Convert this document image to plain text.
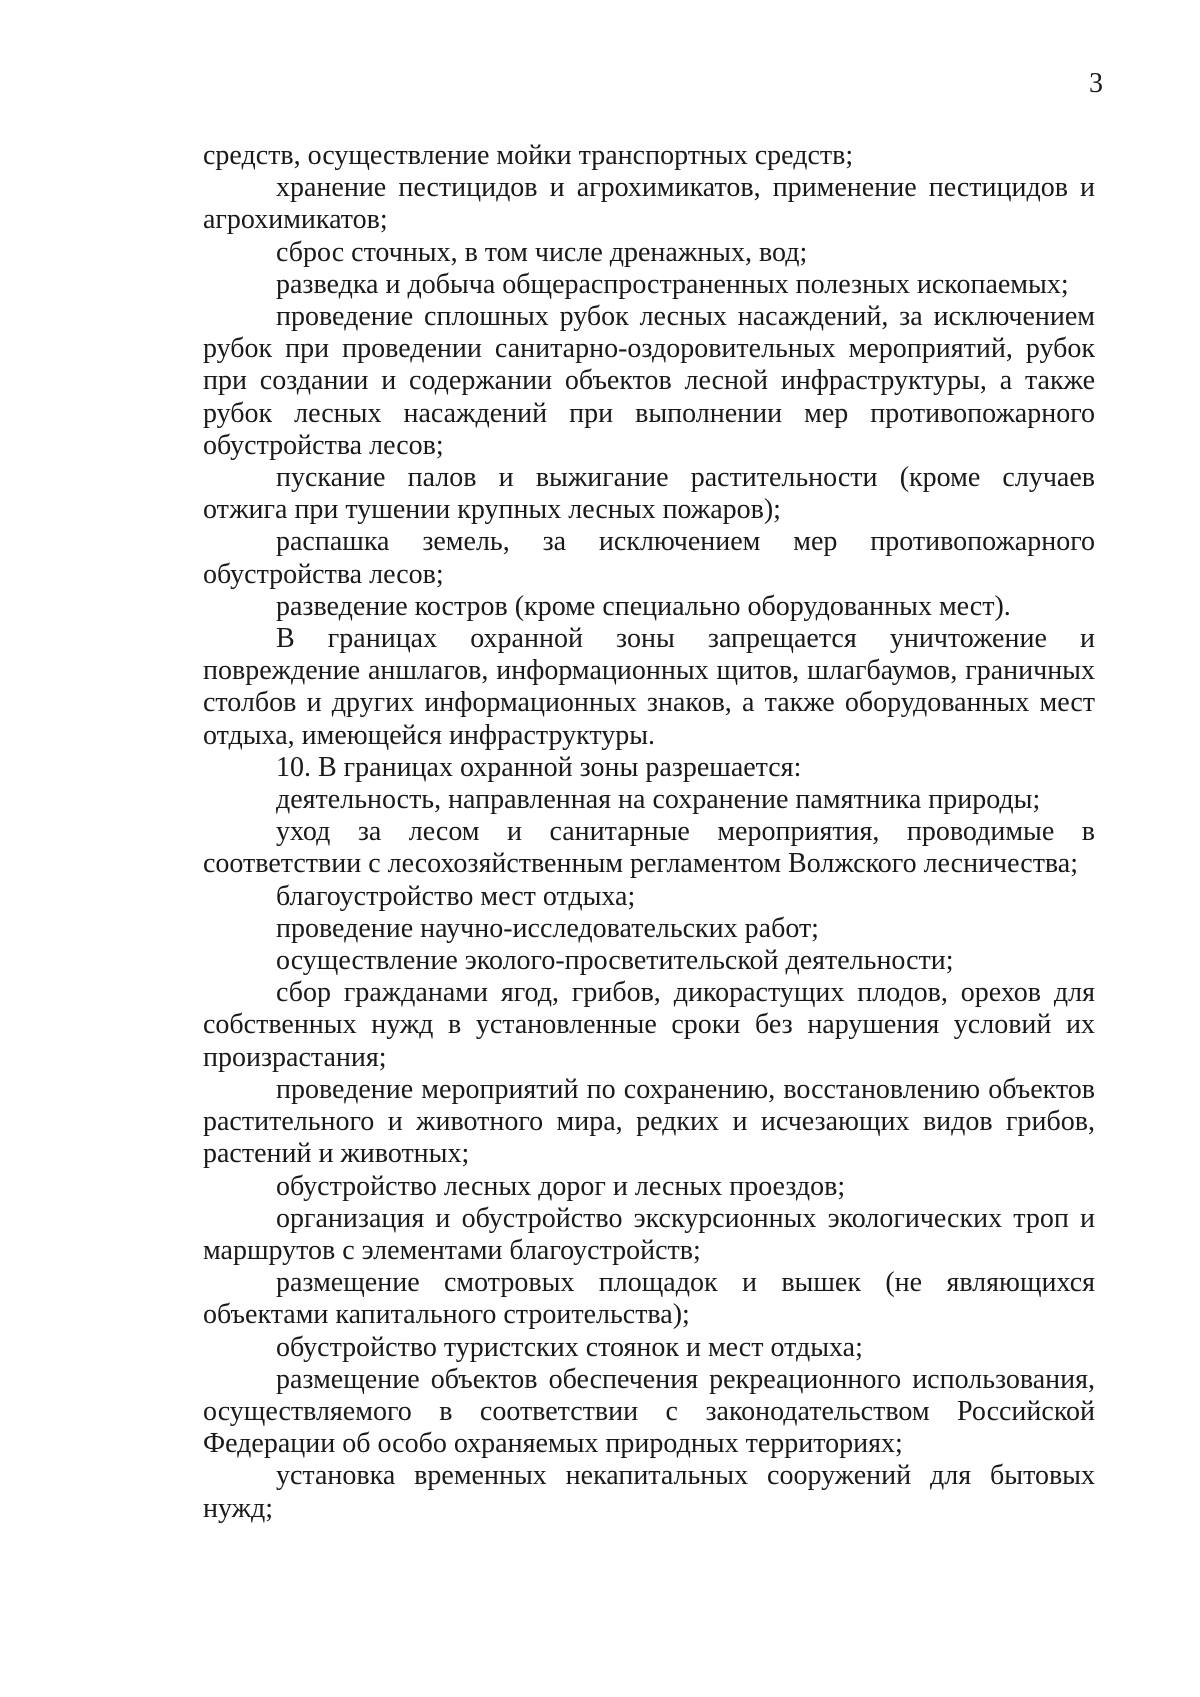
3

средств, осуществление мойки транспортных средств;

хранение пестицидов и агрохимикатов, применение пестицидов и агрохимикатов;

сброс сточных, в том числе дренажных, вод;

разведка и добыча общераспространенных полезных ископаемых;

проведение сплошных рубок лесных насаждений, за исключением рубок при проведении санитарно-оздоровительных мероприятий, рубок при создании и содержании объектов лесной инфраструктуры, а также рубок лесных насаждений при выполнении мер противопожарного обустройства лесов;

пускание палов и выжигание растительности (кроме случаев отжига при тушении крупных лесных пожаров);

распашка земель, за исключением мер противопожарного обустройства лесов;

разведение костров (кроме специально оборудованных мест).

В границах охранной зоны запрещается уничтожение и повреждение аншлагов, информационных щитов, шлагбаумов, граничных столбов и других информационных знаков, а также оборудованных мест отдыха, имеющейся инфраструктуры.

10. В границах охранной зоны разрешается:

деятельность, направленная на сохранение памятника природы;

уход за лесом и санитарные мероприятия, проводимые в соответствии с лесохозяйственным регламентом Волжского лесничества;

благоустройство мест отдыха;

проведение научно-исследовательских работ;

осуществление эколого-просветительской деятельности;

сбор гражданами ягод, грибов, дикорастущих плодов, орехов для собственных нужд в установленные сроки без нарушения условий их произрастания;

проведение мероприятий по сохранению, восстановлению объектов растительного и животного мира, редких и исчезающих видов грибов, растений и животных;

обустройство лесных дорог и лесных проездов;

организация и обустройство экскурсионных экологических троп и маршрутов с элементами благоустройств;

размещение смотровых площадок и вышек (не являющихся объектами капитального строительства);

обустройство туристских стоянок и мест отдыха;

размещение объектов обеспечения рекреационного использования, осуществляемого в соответствии с законодательством Российской Федерации об особо охраняемых природных территориях;

установка временных некапитальных сооружений для бытовых нужд;
